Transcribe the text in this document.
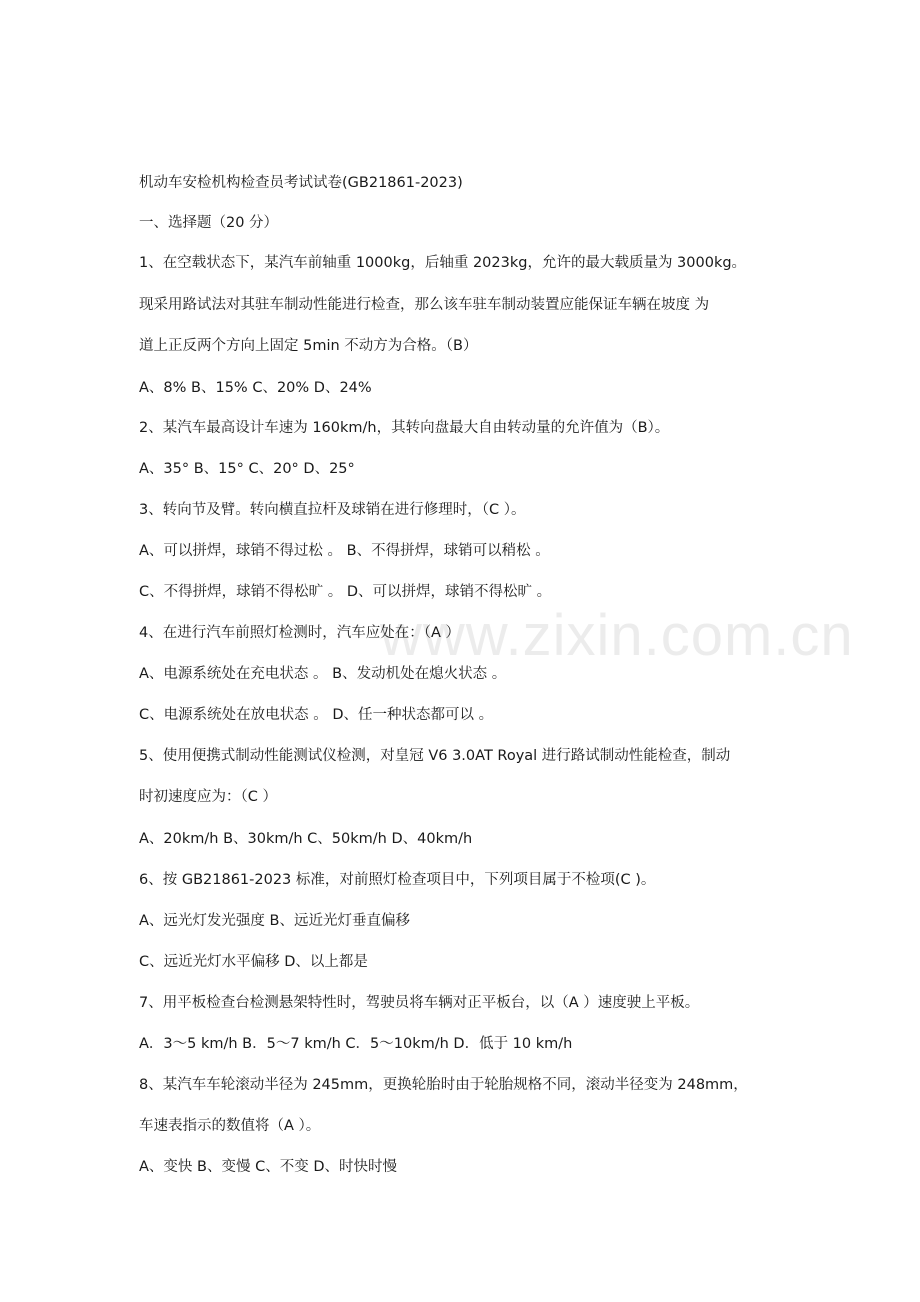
www.zixin.com.cn
机动车安检机构检查员考试试卷(GB21861-2023)
一、选择题（20 分）
1、在空载状态下，某汽车前轴重 1000kg，后轴重 2023kg，允许的最大载质量为 3000kg。
现采用路试法对其驻车制动性能进行检查，那么该车驻车制动装置应能保证车辆在坡度 为
道上正反两个方向上固定 5min 不动方为合格。（B）
A、8% B、15% C、20% D、24%
2、某汽车最高设计车速为 160km/h，其转向盘最大自由转动量的允许值为（B）。
A、35° B、15° C、20° D、25°
3、转向节及臂。转向横直拉杆及球销在进行修理时，（C ）。
A、可以拼焊，球销不得过松 。 B、不得拼焊，球销可以稍松 。
C、不得拼焊，球销不得松旷 。 D、可以拼焊，球销不得松旷 。
4、在进行汽车前照灯检测时，汽车应处在：（A ）
A、电源系统处在充电状态 。 B、发动机处在熄火状态 。
C、电源系统处在放电状态 。 D、任一种状态都可以 。
5、使用便携式制动性能测试仪检测，对皇冠 V6 3.0AT Royal 进行路试制动性能检查，制动
时初速度应为：（C ）
A、20km/h B、30km/h C、50km/h D、40km/h
6、按 GB21861-2023 标准，对前照灯检查项目中，下列项目属于不检项(C )。
A、远光灯发光强度 B、远近光灯垂直偏移
C、远近光灯水平偏移 D、以上都是
7、用平板检查台检测悬架特性时，驾驶员将车辆对正平板台，以（A ）速度驶上平板。
A．3～5 km/h B．5～7 km/h C．5～10km/h D．低于 10 km/h
8、某汽车车轮滚动半径为 245mm，更换轮胎时由于轮胎规格不同，滚动半径变为 248mm，
车速表指示的数值将（A ）。
A、变快 B、变慢 C、不变 D、时快时慢
